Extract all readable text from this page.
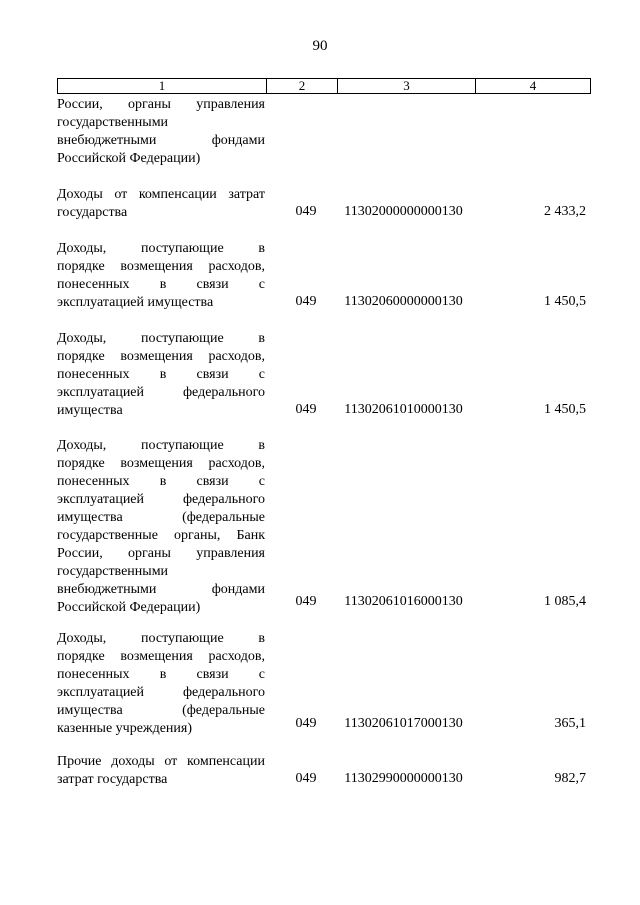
90
1	2	3	4
России, органы управления
государственными
внебюджетными фондами
Российской Федерации)
Доходы от компенсации затрат
государства	049	11302000000000130	2 433,2
Доходы, поступающие в
порядке возмещения расходов,
понесенных в связи с
эксплуатацией имущества	049	11302060000000130	1 450,5
Доходы, поступающие в
порядке возмещения расходов,
понесенных в связи с
эксплуатацией федерального
имущества	049	11302061010000130	1 450,5
Доходы, поступающие в
порядке возмещения расходов,
понесенных в связи с
эксплуатацией федерального
имущества (федеральные
государственные органы, Банк
России, органы управления
государственными
внебюджетными фондами
Российской Федерации)	049	11302061016000130	1 085,4
Доходы, поступающие в
порядке возмещения расходов,
понесенных в связи с
эксплуатацией федерального
имущества (федеральные
казенные учреждения)	049	11302061017000130	365,1
Прочие доходы от компенсации
затрат государства	049	11302990000000130	982,7
